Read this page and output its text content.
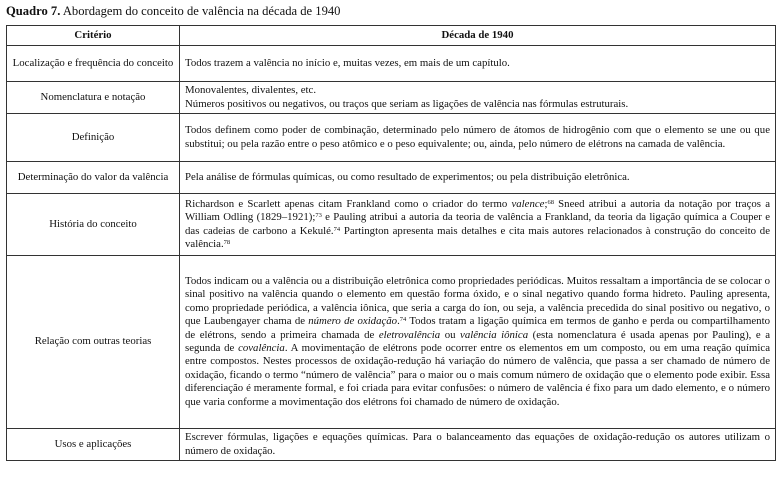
Quadro 7. Abordagem do conceito de valência na década de 1940
Critério	Década de 1940
Localização e frequência do conceito	Todos trazem a valência no início e, muitas vezes, em mais de um capítulo.
Nomenclatura e notação	Monovalentes, divalentes, etc.
Números positivos ou negativos, ou traços que seriam as ligações de valência nas fórmulas estruturais.

Definição	Todos definem como poder de combinação, determinado pelo número de átomos de hidrogênio com que o elemento se une ou que substitui; ou pela razão entre o peso atômico e o peso equivalente; ou, ainda, pelo número de elétrons na camada de valência.
Determinação do valor da valência	Pela análise de fórmulas químicas, ou como resultado de experimentos; ou pela distribuição eletrônica.
História do conceito	Richardson e Scarlett apenas citam Frankland como o criador do termo valence;$^{68}$ Sneed atribui a autoria da notação por traços a William Odling (1829–1921);$^{73}$ e Pauling atribui a autoria da teoria de valência a Frankland, da teoria da ligação química a Couper e das cadeias de carbono a Kekulé.$^{74}$ Partington apresenta mais detalhes e cita mais autores relacionados à construção do conceito de valência.$^{78}$
Relação com outras teorias	Todos indicam ou a valência ou a distribuição eletrônica como propriedades periódicas. Muitos ressaltam a importância de se colocar o sinal positivo na valência quando o elemento em questão forma óxido, e o sinal negativo quando forma hidreto. Pauling apresenta, como propriedade periódica, a valência iônica, que seria a carga do íon, ou seja, a valência precedida do sinal positivo ou negativo, o que Laubengayer chama de número de oxidação.$^{74}$ Todos tratam a ligação química em termos de ganho e perda ou compartilhamento de elétrons, sendo a primeira chamada de eletrovalência ou valência iônica (esta nomenclatura é usada apenas por Pauling), e a segunda de covalência. A movimentação de elétrons pode ocorrer entre os elementos em um composto, ou em uma reação química entre compostos. Nestes processos de oxidação-redução há variação do número de valência, que passa a ser chamado de número de oxidação, ficando o termo “número de valência” para o maior ou o mais comum número de oxidação que o elemento pode exibir. Essa diferenciação é meramente formal, e foi criada para evitar confusões: o número de valência é fixo para um dado elemento, e o número que varia conforme a movimentação dos elétrons foi chamado de número de oxidação.
Usos e aplicações	Escrever fórmulas, ligações e equações químicas. Para o balanceamento das equações de oxidação-redução os autores utilizam o número de oxidação.
